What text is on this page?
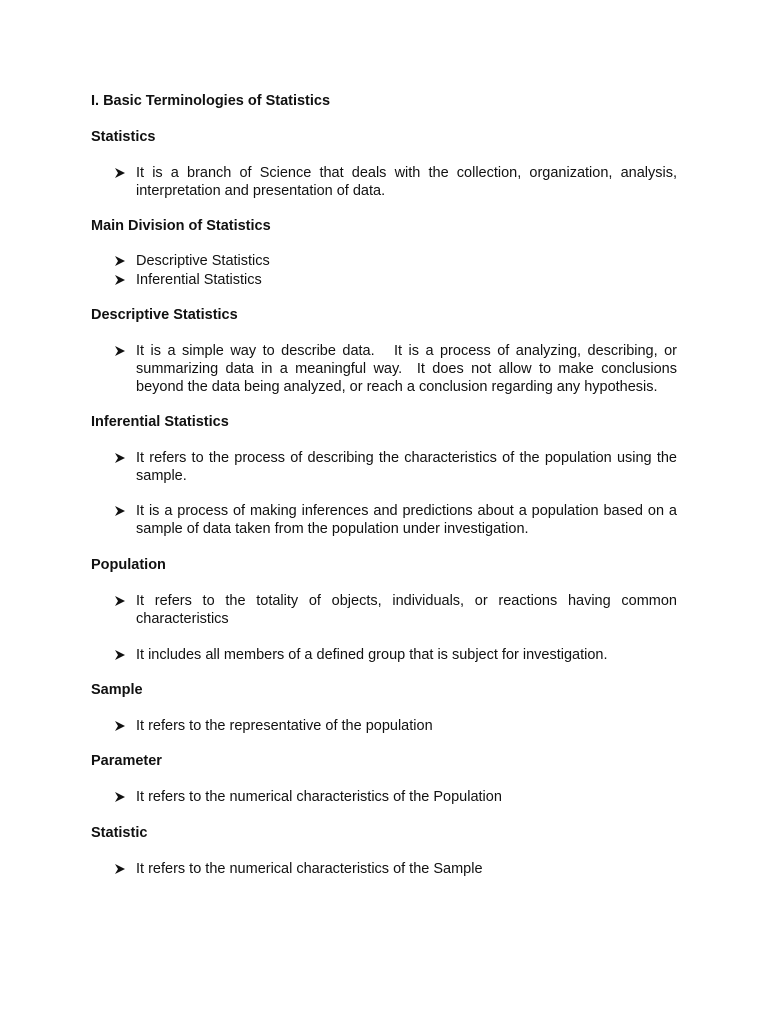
I. Basic Terminologies of Statistics
Statistics
It is a branch of Science that deals with the collection, organization, analysis, interpretation and presentation of data.
Main Division of Statistics
Descriptive Statistics
Inferential Statistics
Descriptive Statistics
It is a simple way to describe data.   It is a process of analyzing, describing, or summarizing data in a meaningful way.  It does not allow to make conclusions beyond the data being analyzed, or reach a conclusion regarding any hypothesis.
Inferential Statistics
It refers to the process of describing the characteristics of the population using the sample.
It is a process of making inferences and predictions about a population based on a sample of data taken from the population under investigation.
Population
It refers to the totality of objects, individuals, or reactions having common characteristics
It includes all members of a defined group that is subject for investigation.
Sample
It refers to the representative of the population
Parameter
It refers to the numerical characteristics of the Population
Statistic
It refers to the numerical characteristics of the Sample
